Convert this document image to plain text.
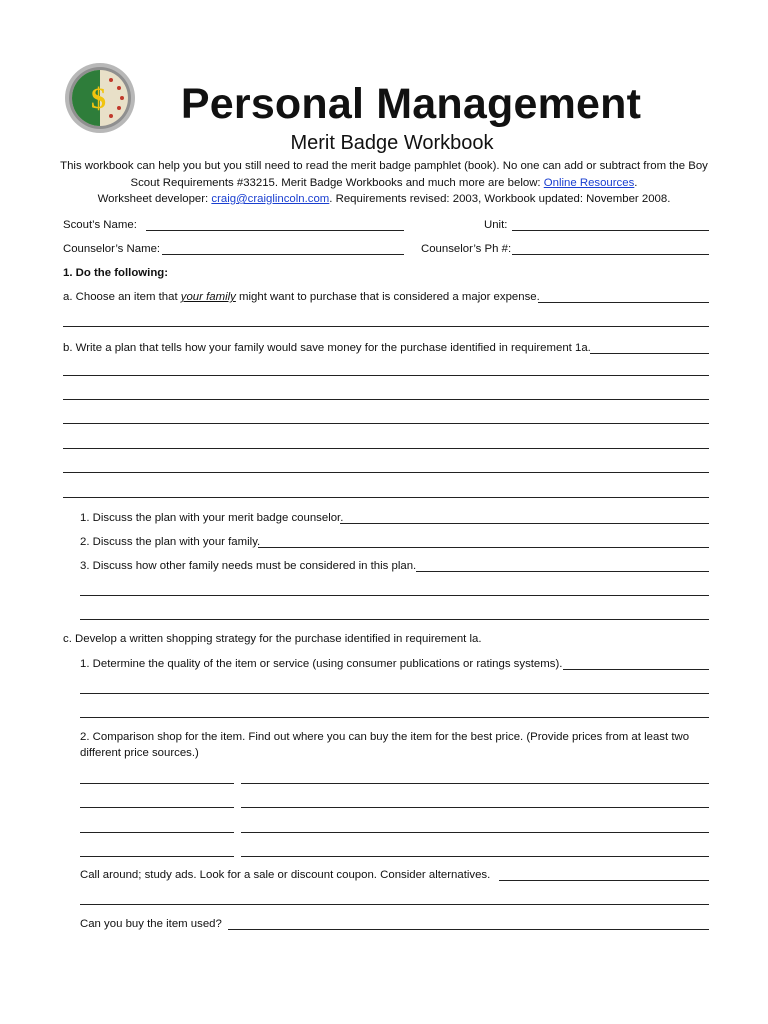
$	Personal Management
Merit Badge Workbook
This workbook can help you but you still need to read the merit badge pamphlet (book). No one can add or subtract from the Boy
Scout Requirements #33215. Merit Badge Workbooks and much more are below: Online Resources.
Worksheet developer: craig@craiglincoln.com. Requirements revised: 2003, Workbook updated: November 2008.
Scout’s Name:	Unit:
Counselor’s Name:	Counselor’s Ph #:
1. Do the following:
a. Choose an item that your family might want to purchase that is considered a major expense.
b. Write a plan that tells how your family would save money for the purchase identified in requirement 1a.
1. Discuss the plan with your merit badge counselor.
2. Discuss the plan with your family.
3. Discuss how other family needs must be considered in this plan.
c. Develop a written shopping strategy for the purchase identified in requirement la.
1. Determine the quality of the item or service (using consumer publications or ratings systems).
2. Comparison shop for the item. Find out where you can buy the item for the best price. (Provide prices from at least two
different price sources.)
Call around; study ads. Look for a sale or discount coupon. Consider alternatives.
Can you buy the item used?
